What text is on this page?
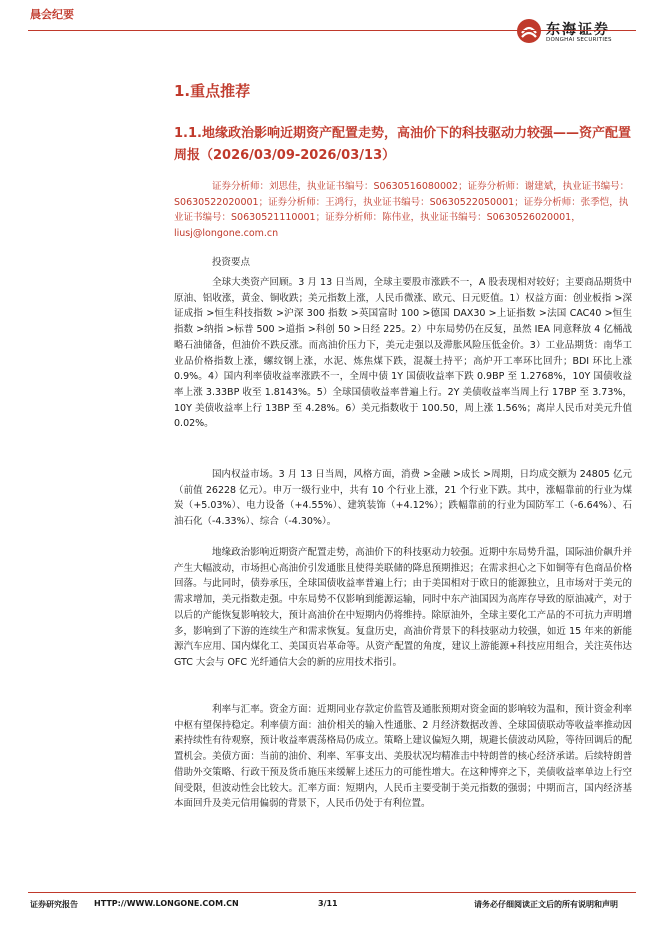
晨会纪要
东海证券
DONGHAI SECURITIES
1.重点推荐
1.1.地缘政治影响近期资产配置走势，高油价下的科技驱动力较强——资产配置周报（2026/03/09-2026/03/13）
证券分析师：刘思佳，执业证书编号：S0630516080002；证券分析师：谢建斌，执业证书编号：S0630522020001；证券分析师：王鸿行，执业证书编号：S0630522050001；证券分析师：张季恺，执业证书编号：S0630521110001；证券分析师：陈伟业，执业证书编号：S0630526020001，liusj@longone.com.cn
投资要点
全球大类资产回顾。3 月 13 日当周，全球主要股市涨跌不一，A 股表现相对较好；主要商品期货中原油、铝收涨，黄金、铜收跌；美元指数上涨，人民币微涨、欧元、日元贬值。1）权益方面：创业板指 >深证成指 >恒生科技指数 >沪深 300 指数 >英国富时 100 >德国 DAX30 >上证指数 >法国 CAC40 >恒生指数 >纳指 >标普 500 >道指 >科创 50 >日经 225。2）中东局势仍在反复，虽然 IEA 同意释放 4 亿桶战略石油储备，但油价不跌反涨。而高油价压力下，美元走强以及滞胀风险压低金价。3）工业品期货：南华工业品价格指数上涨，螺纹钢上涨，水泥、炼焦煤下跌，混凝土持平；高炉开工率环比回升；BDI 环比上涨 0.9%。4）国内利率债收益率涨跌不一，全周中债 1Y 国债收益率下跌 0.9BP 至 1.2768%，10Y 国债收益率上涨 3.33BP 收至 1.8143%。5）全球国债收益率普遍上行。2Y 美债收益率当周上行 17BP 至 3.73%，10Y 美债收益率上行 13BP 至 4.28%。6）美元指数收于 100.50，周上涨 1.56%；离岸人民币对美元升值 0.02%。
国内权益市场。3 月 13 日当周，风格方面，消费 >金融 >成长 >周期，日均成交额为 24805 亿元（前值 26228 亿元）。申万一级行业中，共有 10 个行业上涨，21 个行业下跌。其中，涨幅靠前的行业为煤炭（+5.03%）、电力设备（+4.55%）、建筑装饰（+4.12%）；跌幅靠前的行业为国防军工（-6.64%）、石油石化（-4.33%）、综合（-4.30%）。
地缘政治影响近期资产配置走势，高油价下的科技驱动力较强。近期中东局势升温，国际油价飙升并产生大幅波动，市场担心高油价引发通胀且使得美联储的降息预期推迟；在需求担心之下如铜等有色商品价格回落。与此同时，债券承压，全球国债收益率普遍上行；由于美国相对于欧日的能源独立，且市场对于美元的需求增加，美元指数走强。中东局势不仅影响到能源运输，同时中东产油国因为高库存导致的原油减产，对于以后的产能恢复影响较大，预计高油价在中短期内仍将维持。除原油外，全球主要化工产品的不可抗力声明增多，影响到了下游的连续生产和需求恢复。复盘历史，高油价背景下的科技驱动力较强，如近 15 年来的新能源汽车应用、国内煤化工、美国页岩革命等。从资产配置的角度，建议上游能源+科技应用组合，关注英伟达 GTC 大会与 OFC 光纤通信大会的新的应用技术指引。
利率与汇率。资金方面：近期同业存款定价监管及通胀预期对资金面的影响较为温和，预计资金利率中枢有望保持稳定。利率债方面：油价相关的输入性通胀、2 月经济数据改善、全球国债联动等收益率推动因素持续性有待观察，预计收益率震荡格局仍成立。策略上建议偏短久期，规避长债波动风险，等待回调后的配置机会。美债方面：当前的油价、利率、军事支出、美股状况均精准击中特朗普的核心经济承诺。后续特朗普借助外交策略、行政干预及货币施压来缓解上述压力的可能性增大。在这种博弈之下，美债收益率单边上行空间受限，但波动性会比较大。汇率方面：短期内，人民币主要受制于美元指数的强弱；中期而言，国内经济基本面回升及美元信用偏弱的背景下，人民币仍处于有利位置。
证券研究报告 HTTP://WWW.LONGONE.COM.CN	3/11	请务必仔细阅读正文后的所有说明和声明
